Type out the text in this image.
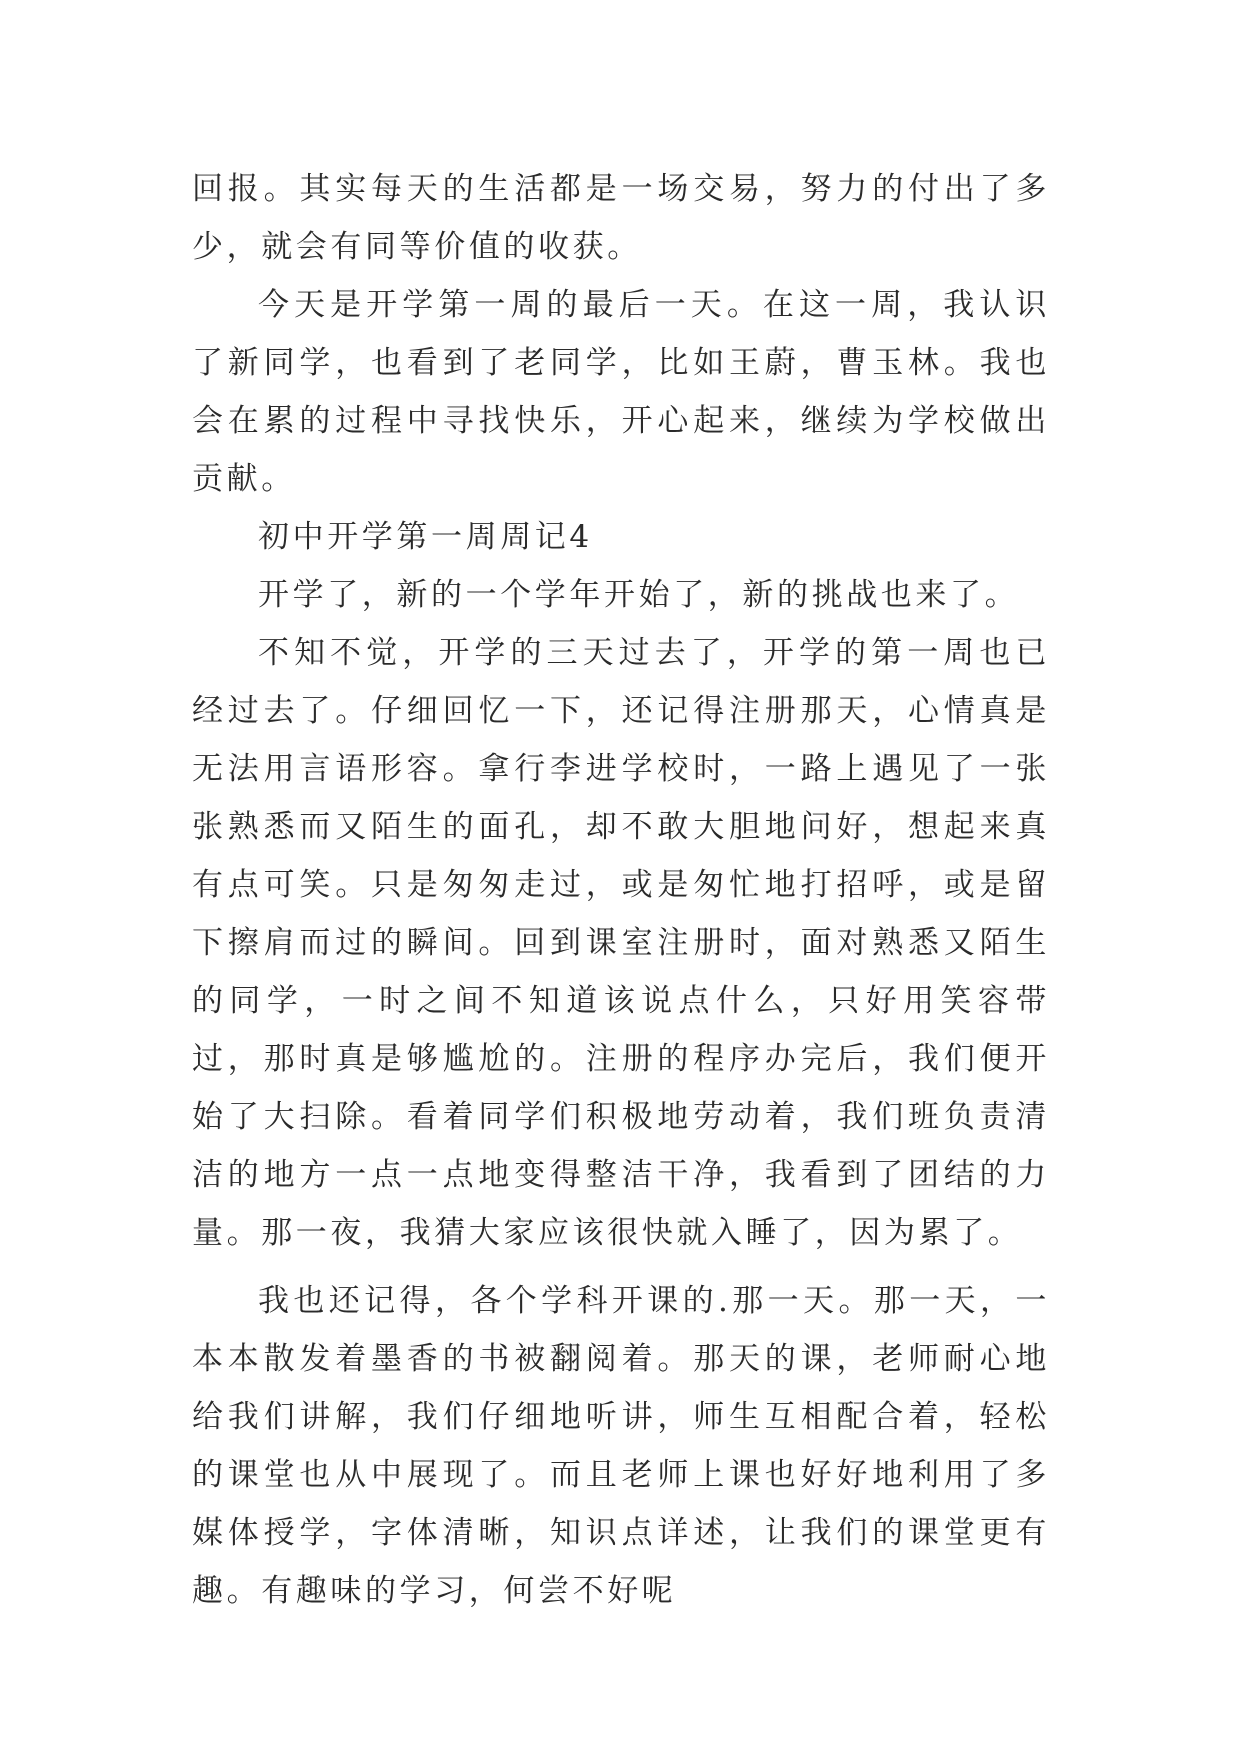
回报。其实每天的生活都是一场交易，努力的付出了多少，就会有同等价值的收获。

今天是开学第一周的最后一天。在这一周，我认识了新同学，也看到了老同学，比如王蔚，曹玉林。我也会在累的过程中寻找快乐，开心起来，继续为学校做出贡献。

初中开学第一周周记4

开学了，新的一个学年开始了，新的挑战也来了。

不知不觉，开学的三天过去了，开学的第一周也已经过去了。仔细回忆一下，还记得注册那天，心情真是无法用言语形容。拿行李进学校时，一路上遇见了一张张熟悉而又陌生的面孔，却不敢大胆地问好，想起来真有点可笑。只是匆匆走过，或是匆忙地打招呼，或是留下擦肩而过的瞬间。回到课室注册时，面对熟悉又陌生的同学，一时之间不知道该说点什么，只好用笑容带过，那时真是够尴尬的。注册的程序办完后，我们便开始了大扫除。看着同学们积极地劳动着，我们班负责清洁的地方一点一点地变得整洁干净，我看到了团结的力量。那一夜，我猜大家应该很快就入睡了，因为累了。

我也还记得，各个学科开课的.那一天。那一天，一本本散发着墨香的书被翻阅着。那天的课，老师耐心地给我们讲解，我们仔细地听讲，师生互相配合着，轻松的课堂也从中展现了。而且老师上课也好好地利用了多媒体授学，字体清晰，知识点详述，让我们的课堂更有趣。有趣味的学习，何尝不好呢
